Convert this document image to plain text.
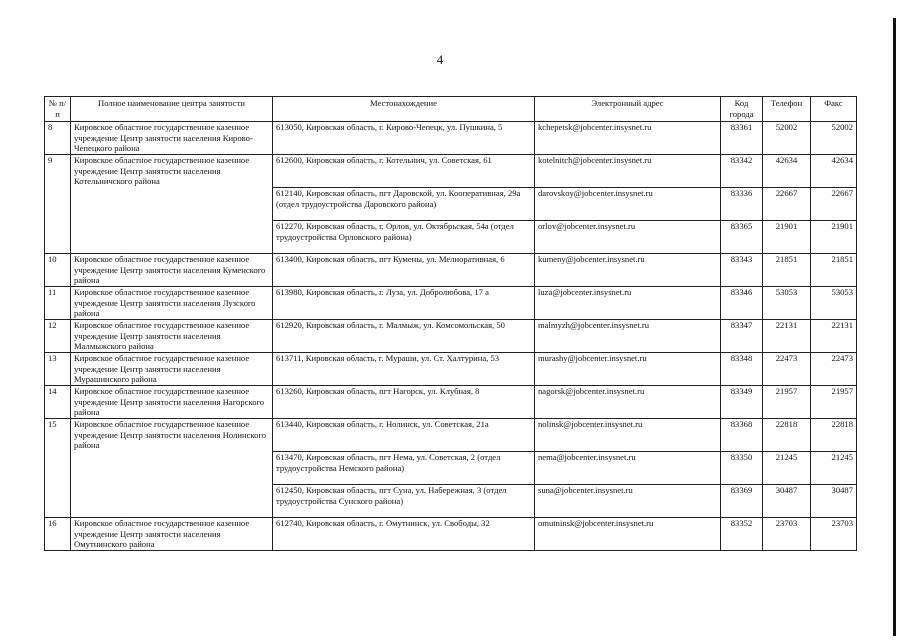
4
№ п/п	Полное наименование центра занятости	Местонахождение	Электронный адрес	Код города	Телефон	Факс
8	Кировское областное государственное казенное учреждение Центр занятости населения Кирово-Чепецкого района	613050, Кировская область, г. Кирово-Чепецк, ул. Пушкина, 5	kchepetsk@jobcenter.insysnet.ru	83361	52002	52002
9	Кировское областное государственное казенное учреждение Центр занятости населения Котельничского района	612600, Кировская область, г. Котельнич, ул. Советская, 61	kotelnitch@jobcenter.insysnet.ru	83342	42634	42634
		612140, Кировская область, пгт Даровской, ул. Кооперативная, 29а (отдел трудоустройства Даровского района)	darovskoy@jobcenter.insysnet.ru	83336	22667	22667
		612270, Кировская область, г. Орлов, ул. Октябрьская, 54а (отдел трудоустройства Орловского района)	orlov@jobcenter.insysnet.ru	83365	21901	21901
10	Кировское областное государственное казенное учреждение Центр занятости населения Куменского района	613400, Кировская область, пгт Кумены, ул. Мелиоративная, 6	kumeny@jobcenter.insysnet.ru	83343	21851	21851
11	Кировское областное государственное казенное учреждение Центр занятости населения Лузского района	613980, Кировская область, г. Луза, ул. Добролюбова, 17 а	luza@jobcenter.insysnet.ru	83346	53053	53053
12	Кировское областное государственное казенное учреждение Центр занятости населения Малмыжского района	612920, Кировская область, г. Малмыж, ул. Комсомольская, 50	malmyzh@jobcenter.insysnet.ru	83347	22131	22131
13	Кировское областное государственное казенное учреждение Центр занятости населения Мурашинского района	613711, Кировская область, г. Мураши, ул. Ст. Халтурина, 53	murashy@jobcenter.insysnet.ru	83348	22473	22473
14	Кировское областное государственное казенное учреждение Центр занятости населения Нагорского района	613260, Кировская область, пгт Нагорск, ул. Клубная, 8	nagorsk@jobcenter.insysnet.ru	83349	21957	21957
15	Кировское областное государственное казенное учреждение Центр занятости населения Нолинского района	613440, Кировская область, г. Нолинск, ул. Советская, 21а	nolinsk@jobcenter.insysnet.ru	83368	22818	22818
		613470, Кировская область, пгт Нема, ул. Советская, 2 (отдел трудоустройства Немского района)	nema@jobcenter.insysnet.ru	83350	21245	21245
		612450, Кировская область, пгт Суна, ул. Набережная, 3 (отдел трудоустройства Сунского района)	suna@jobcenter.insysnet.ru	83369	30487	30487
16	Кировское областное государственное казенное учреждение Центр занятости населения Омутнинского района	612740, Кировская область, г. Омутнинск, ул. Свободы, 32	omutninsk@jobcenter.insysnet.ru	83352	23703	23703
